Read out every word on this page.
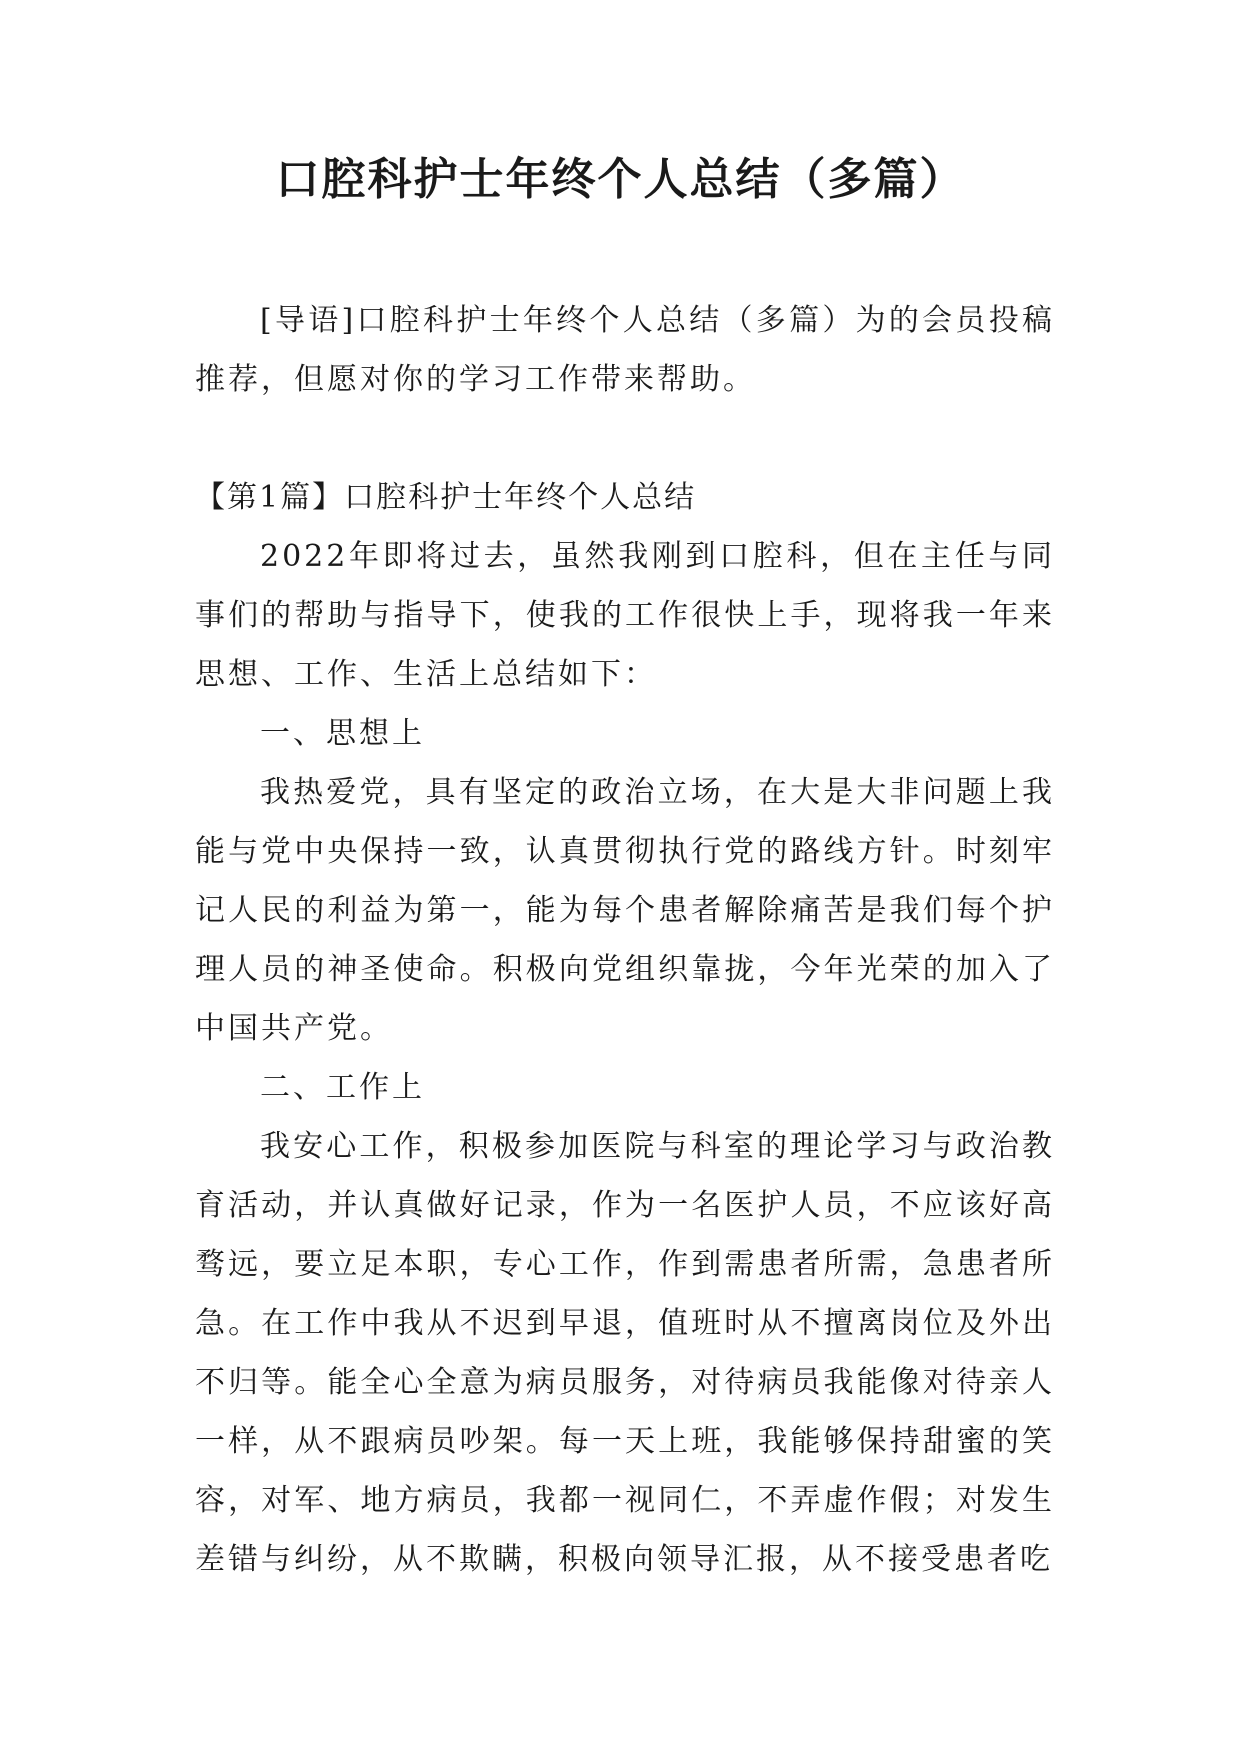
口腔科护士年终个人总结（多篇）

[导语]口腔科护士年终个人总结（多篇）为的会员投稿推荐，但愿对你的学习工作带来帮助。

【第1篇】口腔科护士年终个人总结

2022年即将过去，虽然我刚到口腔科，但在主任与同事们的帮助与指导下，使我的工作很快上手，现将我一年来思想、工作、生活上总结如下：

一、思想上

我热爱党，具有坚定的政治立场，在大是大非问题上我能与党中央保持一致，认真贯彻执行党的路线方针。时刻牢记人民的利益为第一，能为每个患者解除痛苦是我们每个护理人员的神圣使命。积极向党组织靠拢，今年光荣的加入了中国共产党。

二、工作上

我安心工作，积极参加医院与科室的理论学习与政治教育活动，并认真做好记录，作为一名医护人员，不应该好高骛远，要立足本职，专心工作，作到需患者所需，急患者所急。在工作中我从不迟到早退，值班时从不擅离岗位及外出不归等。能全心全意为病员服务，对待病员我能像对待亲人一样，从不跟病员吵架。每一天上班，我能够保持甜蜜的笑容，对军、地方病员，我都一视同仁，不弄虚作假；对发生差错与纠纷，从不欺瞒，积极向领导汇报，从不接受患者吃
